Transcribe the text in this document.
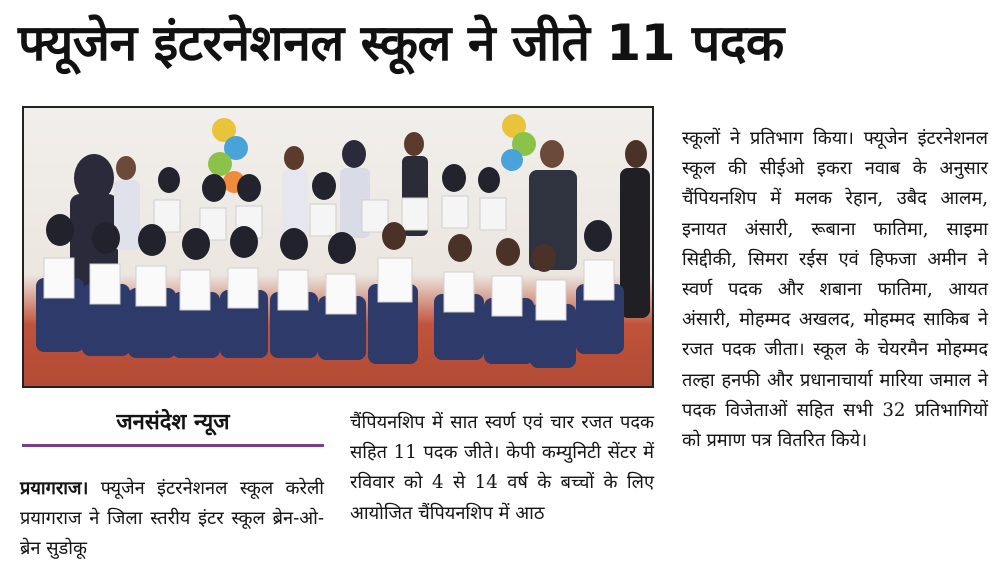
फ्यूजेन इंटरनेशनल स्कूल ने जीते 11 पदक
जनसंदेश न्यूज

प्रयागराज। फ्यूजेन इंटरनेशनल स्कूल करेली प्रयागराज ने जिला स्तरीय इंटर स्कूल ब्रेन-ओ-ब्रेन सुडोकू

चैंपियनशिप में सात स्वर्ण एवं चार रजत पदक सहित 11 पदक जीते। केपी कम्युनिटी सेंटर में रविवार को 4 से 14 वर्ष के बच्चों के लिए आयोजित चैंपियनशिप में आठ

स्कूलों ने प्रतिभाग किया। फ्यूजेन इंटरनेशनल स्कूल की सीईओ इकरा नवाब के अनुसार चैंपियनशिप में मलक रेहान, उबैद आलम, इनायत अंसारी, रूबाना फातिमा, साइमा सिद्दीकी, सिमरा रईस एवं हिफजा अमीन ने स्वर्ण पदक और शबाना फातिमा, आयत अंसारी, मोहम्मद अखलद, मोहम्मद साकिब ने रजत पदक जीता। स्कूल के चेयरमैन मोहम्मद तल्हा हनफी और प्रधानाचार्या मारिया जमाल ने पदक विजेताओं सहित सभी 32 प्रतिभागियों को प्रमाण पत्र वितरित किये।
